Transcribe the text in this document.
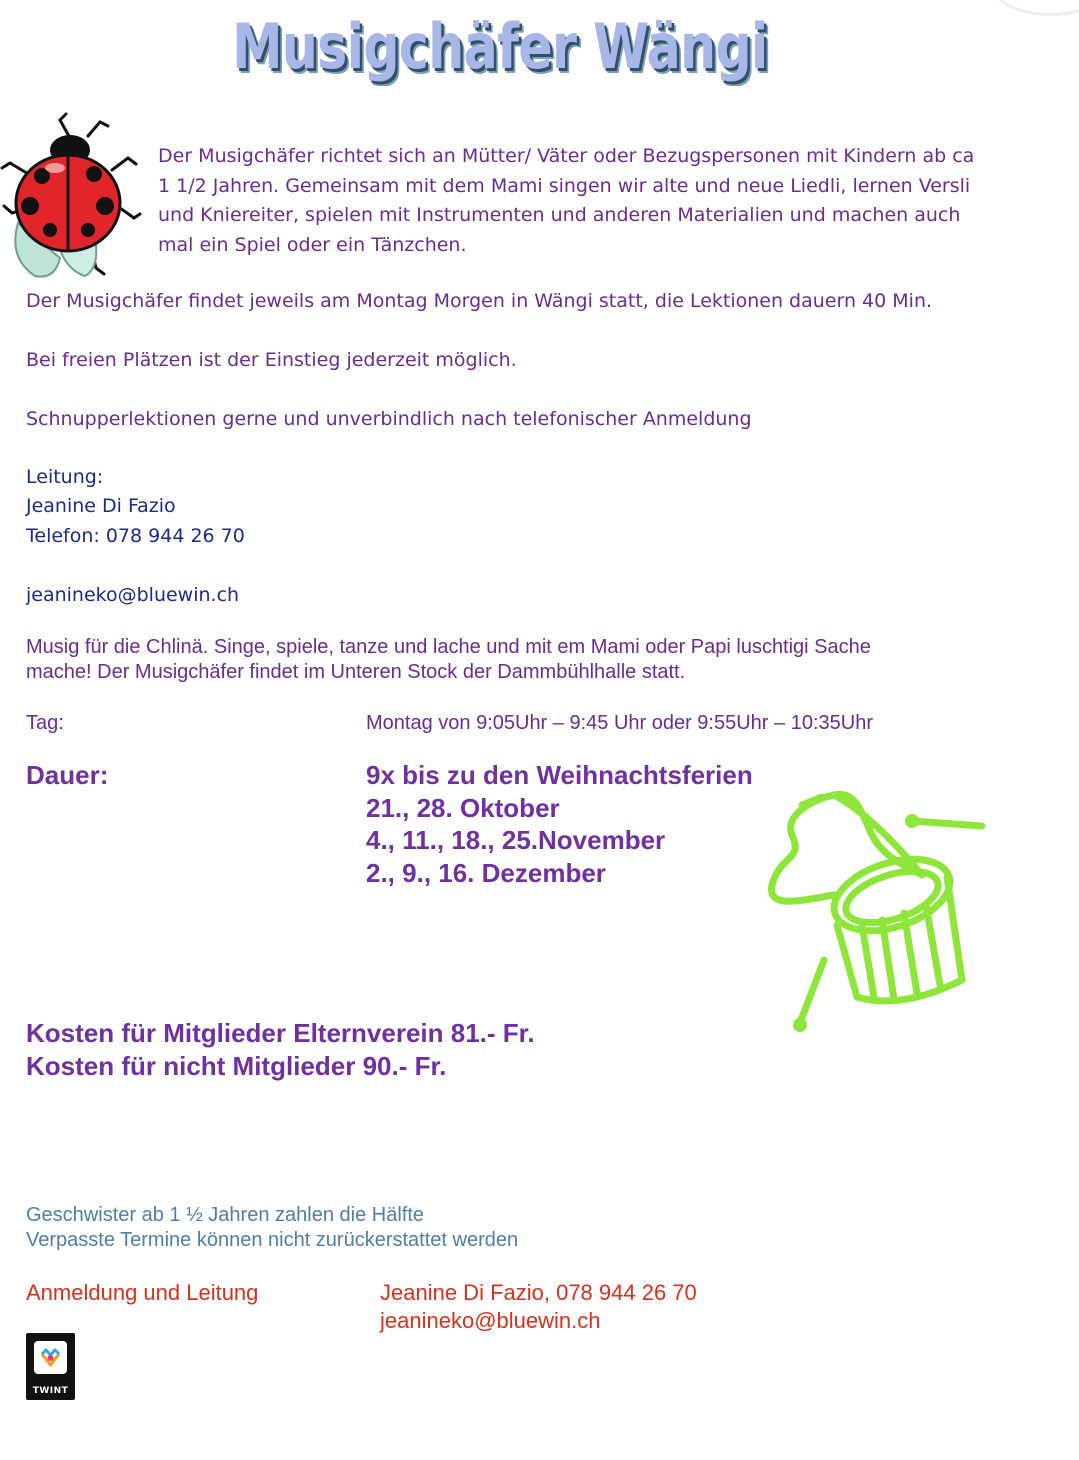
Musigchäfer Wängi
Der Musigchäfer richtet sich an Mütter/ Väter oder Bezugspersonen mit Kindern ab ca
1 1/2 Jahren. Gemeinsam mit dem Mami singen wir alte und neue Liedli, lernen Versli
und Kniereiter, spielen mit Instrumenten und anderen Materialien und machen auch
mal ein Spiel oder ein Tänzchen.
Der Musigchäfer findet jeweils am Montag Morgen in Wängi statt, die Lektionen dauern 40 Min.
Bei freien Plätzen ist der Einstieg jederzeit möglich.
Schnupperlektionen gerne und unverbindlich nach telefonischer Anmeldung
Leitung:
Jeanine Di Fazio
Telefon: 078 944 26 70
jeanineko@bluewin.ch
Musig für die Chlinä. Singe, spiele, tanze und lache und mit em Mami oder Papi luschtigi Sache
mache! Der Musigchäfer findet im Unteren Stock der Dammbühlhalle statt.
Tag:	Montag von 9:05Uhr – 9:45 Uhr oder 9:55Uhr – 10:35Uhr
Dauer:	9x bis zu den Weihnachtsferien
21., 28. Oktober
4., 11., 18., 25.November
2., 9., 16. Dezember
Kosten für Mitglieder Elternverein 81.- Fr.
Kosten für nicht Mitglieder 90.- Fr.
Geschwister ab 1 ½ Jahren zahlen die Hälfte
Verpasste Termine können nicht zurückerstattet werden
Anmeldung und Leitung	Jeanine Di Fazio, 078 944 26 70
jeanineko@bluewin.ch
TWINT
